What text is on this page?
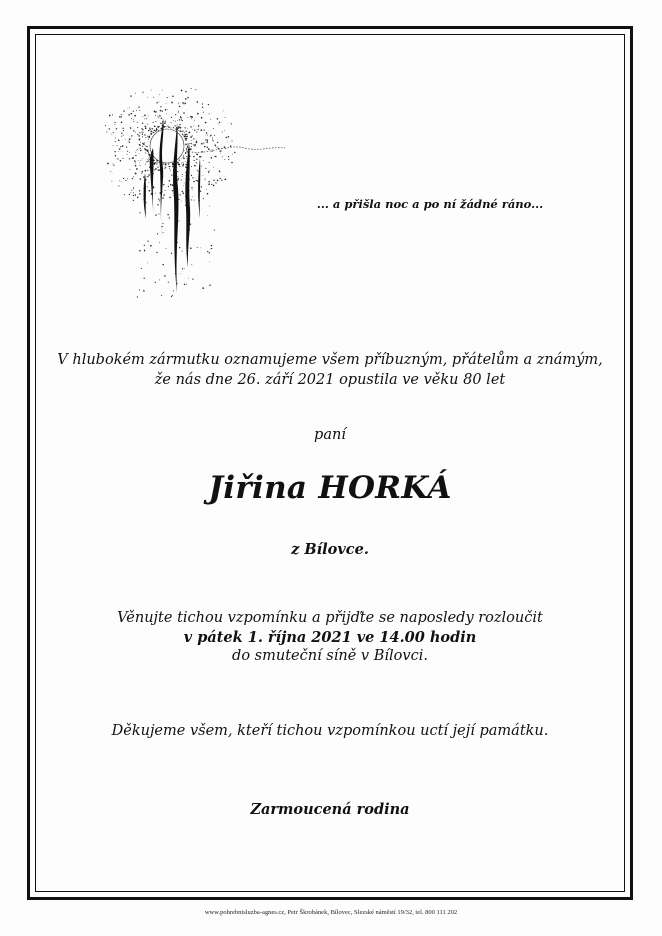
... a přišla noc a po ní žádné ráno...
V hlubokém zármutku oznamujeme všem příbuzným, přátelům a známým,
že nás dne 26. září 2021 opustila ve věku 80 let
paní
Jiřina HORKÁ
z Bílovce.
Věnujte tichou vzpomínku a přijďte se naposledy rozloučit
v pátek 1. října 2021 ve 14.00 hodin
do smuteční síně v Bílovci.
Děkujeme všem, kteří tichou vzpomínkou uctí její památku.
Zarmoucená rodina
www.pohrebnisluzba-agnes.cz, Petr Škrobánek, Bílovec, Slezské náměstí 19/32, tel. 800 111 202
